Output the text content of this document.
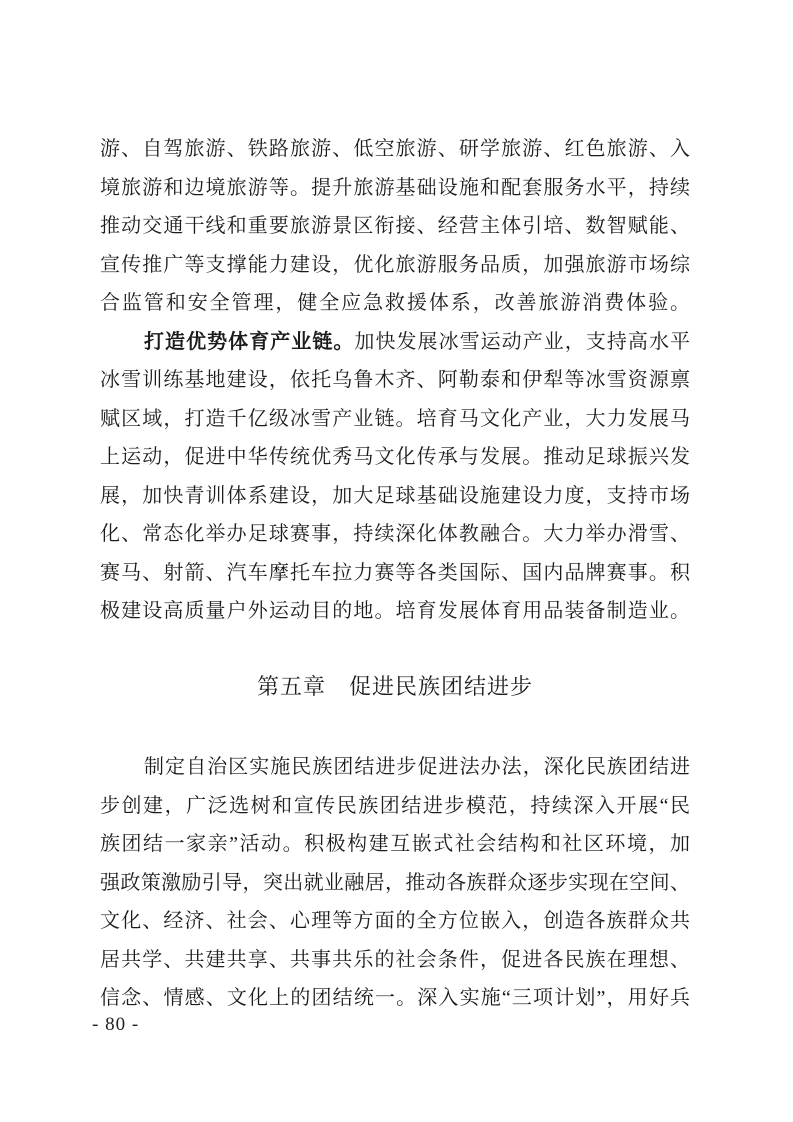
游、自驾旅游、铁路旅游、低空旅游、研学旅游、红色旅游、入
境旅游和边境旅游等。提升旅游基础设施和配套服务水平，持续
推动交通干线和重要旅游景区衔接、经营主体引培、数智赋能、
宣传推广等支撑能力建设，优化旅游服务品质，加强旅游市场综
合监管和安全管理，健全应急救援体系，改善旅游消费体验。
打造优势体育产业链。加快发展冰雪运动产业，支持高水平
冰雪训练基地建设，依托乌鲁木齐、阿勒泰和伊犁等冰雪资源禀
赋区域，打造千亿级冰雪产业链。培育马文化产业，大力发展马
上运动，促进中华传统优秀马文化传承与发展。推动足球振兴发
展，加快青训体系建设，加大足球基础设施建设力度，支持市场
化、常态化举办足球赛事，持续深化体教融合。大力举办滑雪、
赛马、射箭、汽车摩托车拉力赛等各类国际、国内品牌赛事。积
极建设高质量户外运动目的地。培育发展体育用品装备制造业。
第五章　促进民族团结进步
制定自治区实施民族团结进步促进法办法，深化民族团结进
步创建，广泛选树和宣传民族团结进步模范，持续深入开展“民
族团结一家亲”活动。积极构建互嵌式社会结构和社区环境，加
强政策激励引导，突出就业融居，推动各族群众逐步实现在空间、
文化、经济、社会、心理等方面的全方位嵌入，创造各族群众共
居共学、共建共享、共事共乐的社会条件，促进各民族在理想、
信念、情感、文化上的团结统一。深入实施“三项计划”，用好兵
- 80 -
